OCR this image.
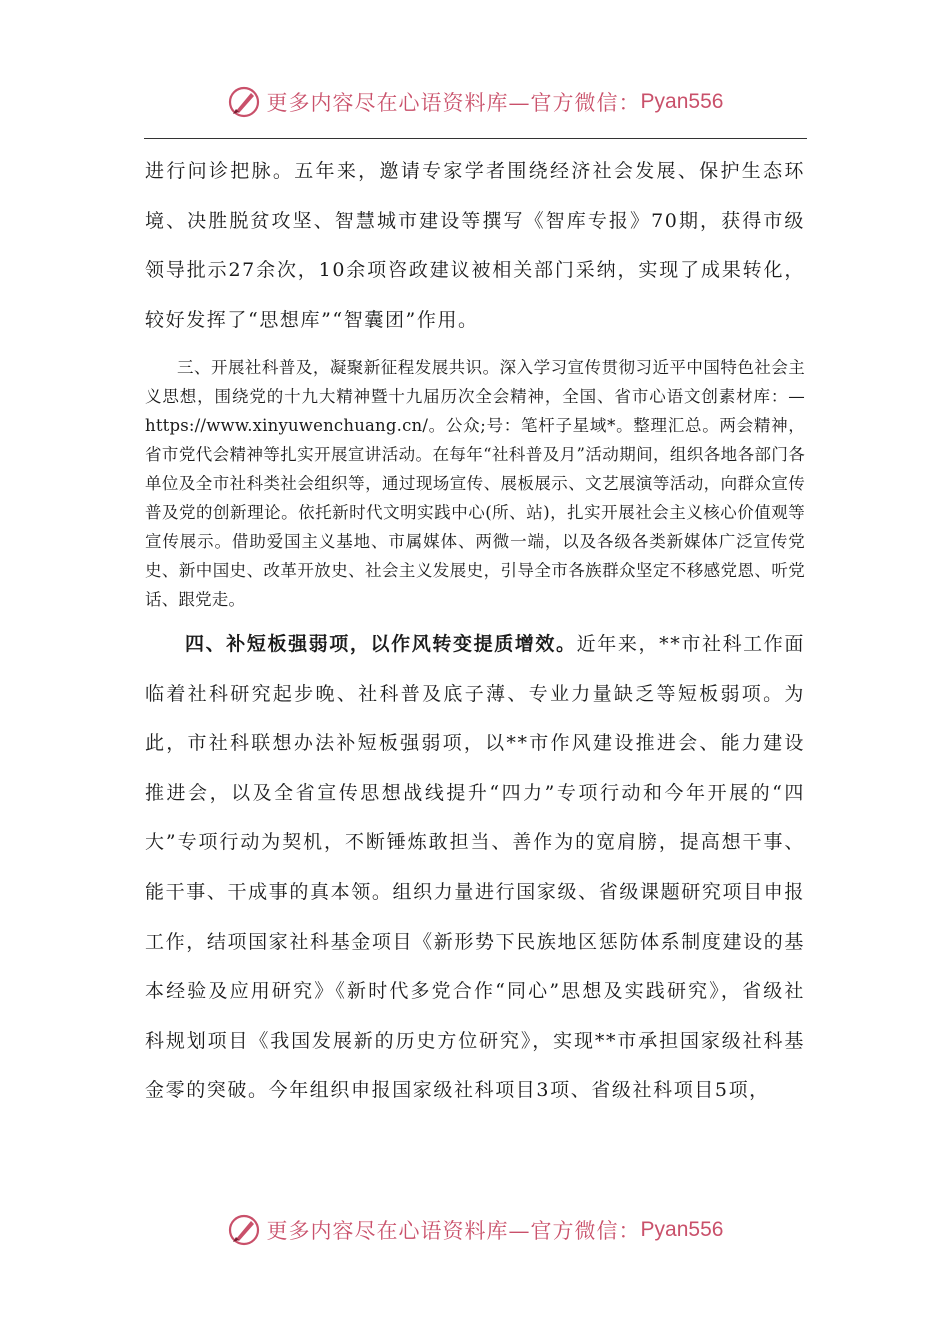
更多内容尽在心语资料库—官方微信： Pyan556

进行问诊把脉。五年来，邀请专家学者围绕经济社会发展、保护生态环境、决胜脱贫攻坚、智慧城市建设等撰写《智库专报》70期，获得市级领导批示27余次，10余项咨政建议被相关部门采纳，实现了成果转化，较好发挥了“思想库”“智囊团”作用。

三、开展社科普及，凝聚新征程发展共识。深入学习宣传贯彻习近平中国特色社会主义思想，围绕党的十九大精神暨十九届历次全会精神，全国、省市心语文创素材库：—https://www.xinyuwenchuang.cn/。公众;号：笔杆子星域*。整理汇总。两会精神，省市党代会精神等扎实开展宣讲活动。在每年“社科普及月”活动期间，组织各地各部门各单位及全市社科类社会组织等，通过现场宣传、展板展示、文艺展演等活动，向群众宣传普及党的创新理论。依托新时代文明实践中心(所、站)，扎实开展社会主义核心价值观等宣传展示。借助爱国主义基地、市属媒体、两微一端，以及各级各类新媒体广泛宣传党史、新中国史、改革开放史、社会主义发展史，引导全市各族群众坚定不移感党恩、听党话、跟党走。

四、补短板强弱项，以作风转变提质增效。近年来，**市社科工作面临着社科研究起步晚、社科普及底子薄、专业力量缺乏等短板弱项。为此，市社科联想办法补短板强弱项，以**市作风建设推进会、能力建设推进会，以及全省宣传思想战线提升“四力”专项行动和今年开展的“四大”专项行动为契机，不断锤炼敢担当、善作为的宽肩膀，提高想干事、能干事、干成事的真本领。组织力量进行国家级、省级课题研究项目申报工作，结项国家社科基金项目《新形势下民族地区惩防体系制度建设的基本经验及应用研究》《新时代多党合作“同心”思想及实践研究》，省级社科规划项目《我国发展新的历史方位研究》，实现**市承担国家级社科基金零的突破。今年组织申报国家级社科项目3项、省级社科项目5项，

更多内容尽在心语资料库—官方微信： Pyan556
